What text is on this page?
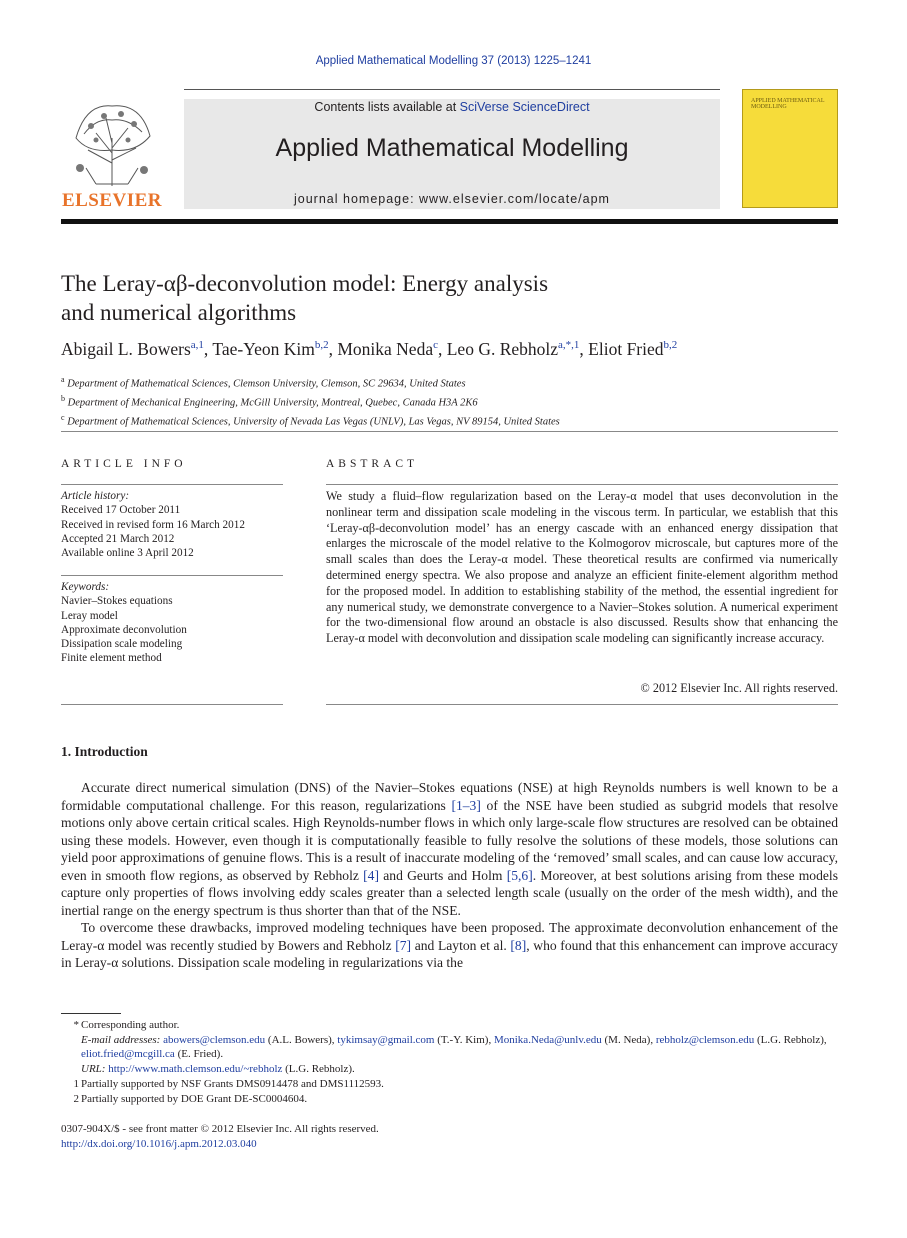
Applied Mathematical Modelling 37 (2013) 1225–1241
ELSEVIER
Contents lists available at SciVerse ScienceDirect
Applied Mathematical Modelling
journal homepage: www.elsevier.com/locate/apm
APPLIED MATHEMATICAL MODELLING
The Leray-αβ-deconvolution model: Energy analysis
and numerical algorithms
Abigail L. Bowers$^{a,1}$, Tae-Yeon Kim$^{b,2}$, Monika Neda$^c$, Leo G. Rebholz$^{a,*,1}$, Eliot Fried$^{b,2}$
$^a$ Department of Mathematical Sciences, Clemson University, Clemson, SC 29634, United States
$^b$ Department of Mechanical Engineering, McGill University, Montreal, Quebec, Canada H3A 2K6
$^c$ Department of Mathematical Sciences, University of Nevada Las Vegas (UNLV), Las Vegas, NV 89154, United States
ARTICLE INFO
Article history:
Received 17 October 2011
Received in revised form 16 March 2012
Accepted 21 March 2012
Available online 3 April 2012
Keywords:
Navier–Stokes equations
Leray model
Approximate deconvolution
Dissipation scale modeling
Finite element method
ABSTRACT
We study a fluid–flow regularization based on the Leray-α model that uses deconvolution in the nonlinear term and dissipation scale modeling in the viscous term. In particular, we establish that this ‘Leray-αβ-deconvolution model’ has an energy cascade with an enhanced energy dissipation that enlarges the microscale of the model relative to the Kolmogorov microscale, but captures more of the small scales than does the Leray-α model. These theoretical results are confirmed via numerically determined energy spectra. We also propose and analyze an efficient finite-element algorithm method for the proposed model. In addition to establishing stability of the method, the essential ingredient for any numerical study, we demonstrate convergence to a Navier–Stokes solution. A numerical experiment for the two-dimensional flow around an obstacle is also discussed. Results show that enhancing the Leray-α model with deconvolution and dissipation scale modeling can significantly increase accuracy.
© 2012 Elsevier Inc. All rights reserved.
1. Introduction

Accurate direct numerical simulation (DNS) of the Navier–Stokes equations (NSE) at high Reynolds numbers is well known to be a formidable computational challenge. For this reason, regularizations [1–3] of the NSE have been studied as subgrid models that resolve motions only above certain critical scales. High Reynolds-number flows in which only large-scale flow structures are resolved can be obtained using these models. However, even though it is computationally feasible to fully resolve the solutions of these models, those solutions can yield poor approximations of genuine flows. This is a result of inaccurate modeling of the ‘removed’ small scales, and can cause low accuracy, even in smooth flow regions, as observed by Rebholz [4] and Geurts and Holm [5,6]. Moreover, at best solutions arising from these models capture only properties of flows involving eddy scales greater than a selected length scale (usually on the order of the mesh width), and the inertial range on the energy spectrum is thus shorter than that of the NSE.

To overcome these drawbacks, improved modeling techniques have been proposed. The approximate deconvolution enhancement of the Leray-α model was recently studied by Bowers and Rebholz [7] and Layton et al. [8], who found that this enhancement can improve accuracy in Leray-α solutions. Dissipation scale modeling in regularizations via the

* Corresponding author.
E-mail addresses: abowers@clemson.edu (A.L. Bowers), tykimsay@gmail.com (T.-Y. Kim), Monika.Neda@unlv.edu (M. Neda), rebholz@clemson.edu (L.G. Rebholz), eliot.fried@mcgill.ca (E. Fried).
URL: http://www.math.clemson.edu/~rebholz (L.G. Rebholz).
1 Partially supported by NSF Grants DMS0914478 and DMS1112593.
2 Partially supported by DOE Grant DE-SC0004604.
0307-904X/$ - see front matter © 2012 Elsevier Inc. All rights reserved.
http://dx.doi.org/10.1016/j.apm.2012.03.040
